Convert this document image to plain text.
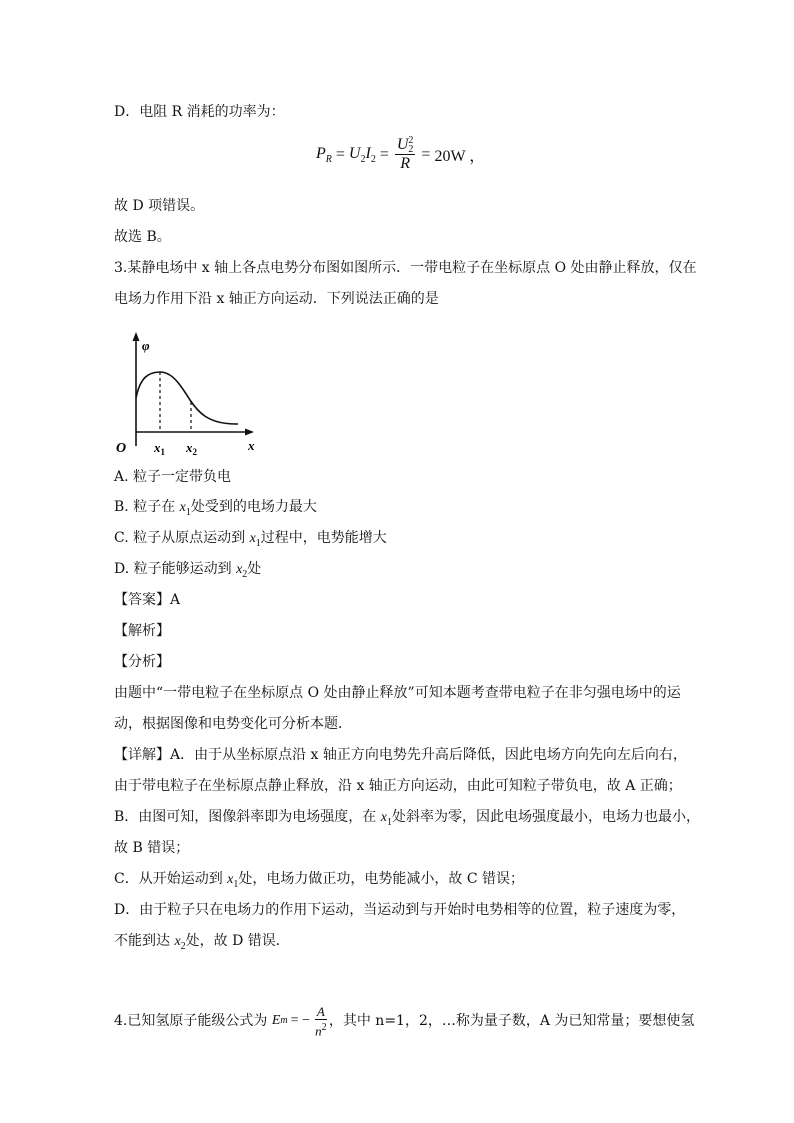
D．电阻 R 消耗的功率为：
$P_R = U_2I_2 = U$ 2
2
R = 20W ，
故 D 项错误。
故选 B。
3.某静电场中 x 轴上各点电势分布图如图所示．一带电粒子在坐标原点 O 处由静止释放，仅在
电场力作用下沿 x 轴正方向运动．下列说法正确的是
φ
O $x_1$ $x_2$	x
A. 粒子一定带负电
B. 粒子在 $x_1$处受到的电场力最大
C. 粒子从原点运动到 $x_1$过程中，电势能增大
D. 粒子能够运动到 $x_2$处
【答案】A
【解析】
【分析】
由题中“一带电粒子在坐标原点 O 处由静止释放”可知本题考查带电粒子在非匀强电场中的运
动，根据图像和电势变化可分析本题．
【详解】A．由于从坐标原点沿 x 轴正方向电势先升高后降低，因此电场方向先向左后向右，
由于带电粒子在坐标原点静止释放，沿 x 轴正方向运动，由此可知粒子带负电，故 A 正确；
B．由图可知，图像斜率即为电场强度，在 $x_1$处斜率为零，因此电场强度最小，电场力也最小，
故 B 错误；
C．从开始运动到 $x_1$处，电场力做正功，电势能减小，故 C 错误；
D．由于粒子只在电场力的作用下运动，当运动到与开始时电势相等的位置，粒子速度为零，
不能到达 $x_2$处，故 D 错误．
4.已知氢原子能级公式为 E m = − $\frac{A}{n^2}$ ，其中 n=1，2，…称为量子数，A 为已知常量；要想使氢
